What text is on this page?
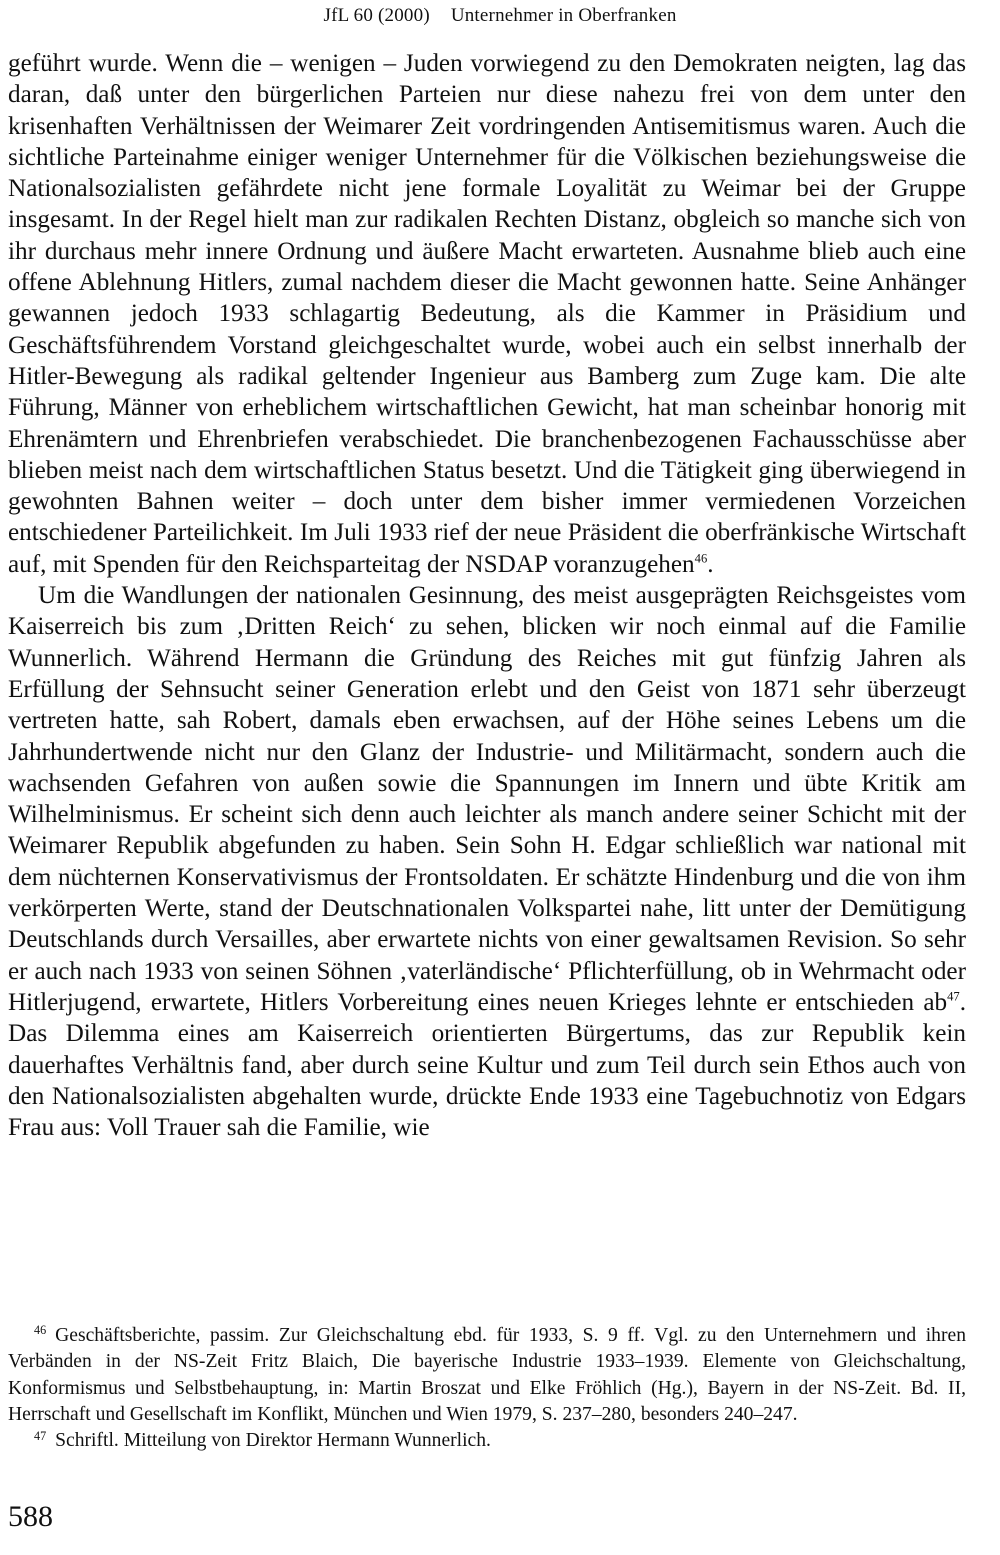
JfL 60 (2000) Unternehmer in Oberfranken

geführt wurde. Wenn die – wenigen – Juden vorwiegend zu den Demokraten neigten, lag das daran, daß unter den bürgerlichen Parteien nur diese nahezu frei von dem unter den krisenhaften Verhältnissen der Weimarer Zeit vordringenden Antisemitismus waren. Auch die sichtliche Parteinahme einiger weniger Unternehmer für die Völkischen beziehungsweise die Nationalsozialisten gefährdete nicht jene formale Loyalität zu Weimar bei der Gruppe insgesamt. In der Regel hielt man zur radikalen Rechten Distanz, obgleich so manche sich von ihr durchaus mehr innere Ordnung und äußere Macht erwarteten. Ausnahme blieb auch eine offene Ablehnung Hitlers, zumal nachdem dieser die Macht gewonnen hatte. Seine Anhänger gewannen jedoch 1933 schlagartig Bedeutung, als die Kammer in Präsidium und Geschäftsführendem Vorstand gleichgeschaltet wurde, wobei auch ein selbst innerhalb der Hitler-Bewegung als radikal geltender Ingenieur aus Bamberg zum Zuge kam. Die alte Führung, Männer von erheblichem wirtschaftlichen Gewicht, hat man scheinbar honorig mit Ehrenämtern und Ehrenbriefen verabschiedet. Die branchenbezogenen Fachausschüsse aber blieben meist nach dem wirtschaftlichen Status besetzt. Und die Tätigkeit ging überwiegend in gewohnten Bahnen weiter – doch unter dem bisher immer vermiedenen Vorzeichen entschiedener Parteilichkeit. Im Juli 1933 rief der neue Präsident die oberfränkische Wirtschaft auf, mit Spenden für den Reichsparteitag der NSDAP voranzugehen$^{46}$.

Um die Wandlungen der nationalen Gesinnung, des meist ausgeprägten Reichsgeistes vom Kaiserreich bis zum ‚Dritten Reich‘ zu sehen, blicken wir noch einmal auf die Familie Wunnerlich. Während Hermann die Gründung des Reiches mit gut fünfzig Jahren als Erfüllung der Sehnsucht seiner Generation erlebt und den Geist von 1871 sehr überzeugt vertreten hatte, sah Robert, damals eben erwachsen, auf der Höhe seines Lebens um die Jahrhundertwende nicht nur den Glanz der Industrie- und Militärmacht, sondern auch die wachsenden Gefahren von außen sowie die Spannungen im Innern und übte Kritik am Wilhelminismus. Er scheint sich denn auch leichter als manch andere seiner Schicht mit der Weimarer Republik abgefunden zu haben. Sein Sohn H. Edgar schließlich war national mit dem nüchternen Konservativismus der Frontsoldaten. Er schätzte Hindenburg und die von ihm verkörperten Werte, stand der Deutschnationalen Volkspartei nahe, litt unter der Demütigung Deutschlands durch Versailles, aber erwartete nichts von einer gewaltsamen Revision. So sehr er auch nach 1933 von seinen Söhnen ‚vaterländische‘ Pflichterfüllung, ob in Wehrmacht oder Hitlerjugend, erwartete, Hitlers Vorbereitung eines neuen Krieges lehnte er entschieden $ab^{47}$. Das Dilemma eines am Kaiserreich orientierten Bürgertums, das zur Republik kein dauerhaftes Verhältnis fand, aber durch seine Kultur und zum Teil durch sein Ethos auch von den Nationalsozialisten abgehalten wurde, drückte Ende 1933 eine Tagebuchnotiz von Edgars Frau aus: Voll Trauer sah die Familie, wie

$^{46}$ Geschäftsberichte, passim. Zur Gleichschaltung ebd. für 1933, S. 9 ff. Vgl. zu den Unternehmern und ihren Verbänden in der NS-Zeit Fritz Blaich, Die bayerische Industrie 1933–1939. Elemente von Gleichschaltung, Konformismus und Selbstbehauptung, in: Martin Broszat und Elke Fröhlich (Hg.), Bayern in der NS-Zeit. Bd. II, Herrschaft und Gesellschaft im Konflikt, München und Wien 1979, S. 237–280, besonders 240–247.

$^{47}$ Schriftl. Mitteilung von Direktor Hermann Wunnerlich.

588
